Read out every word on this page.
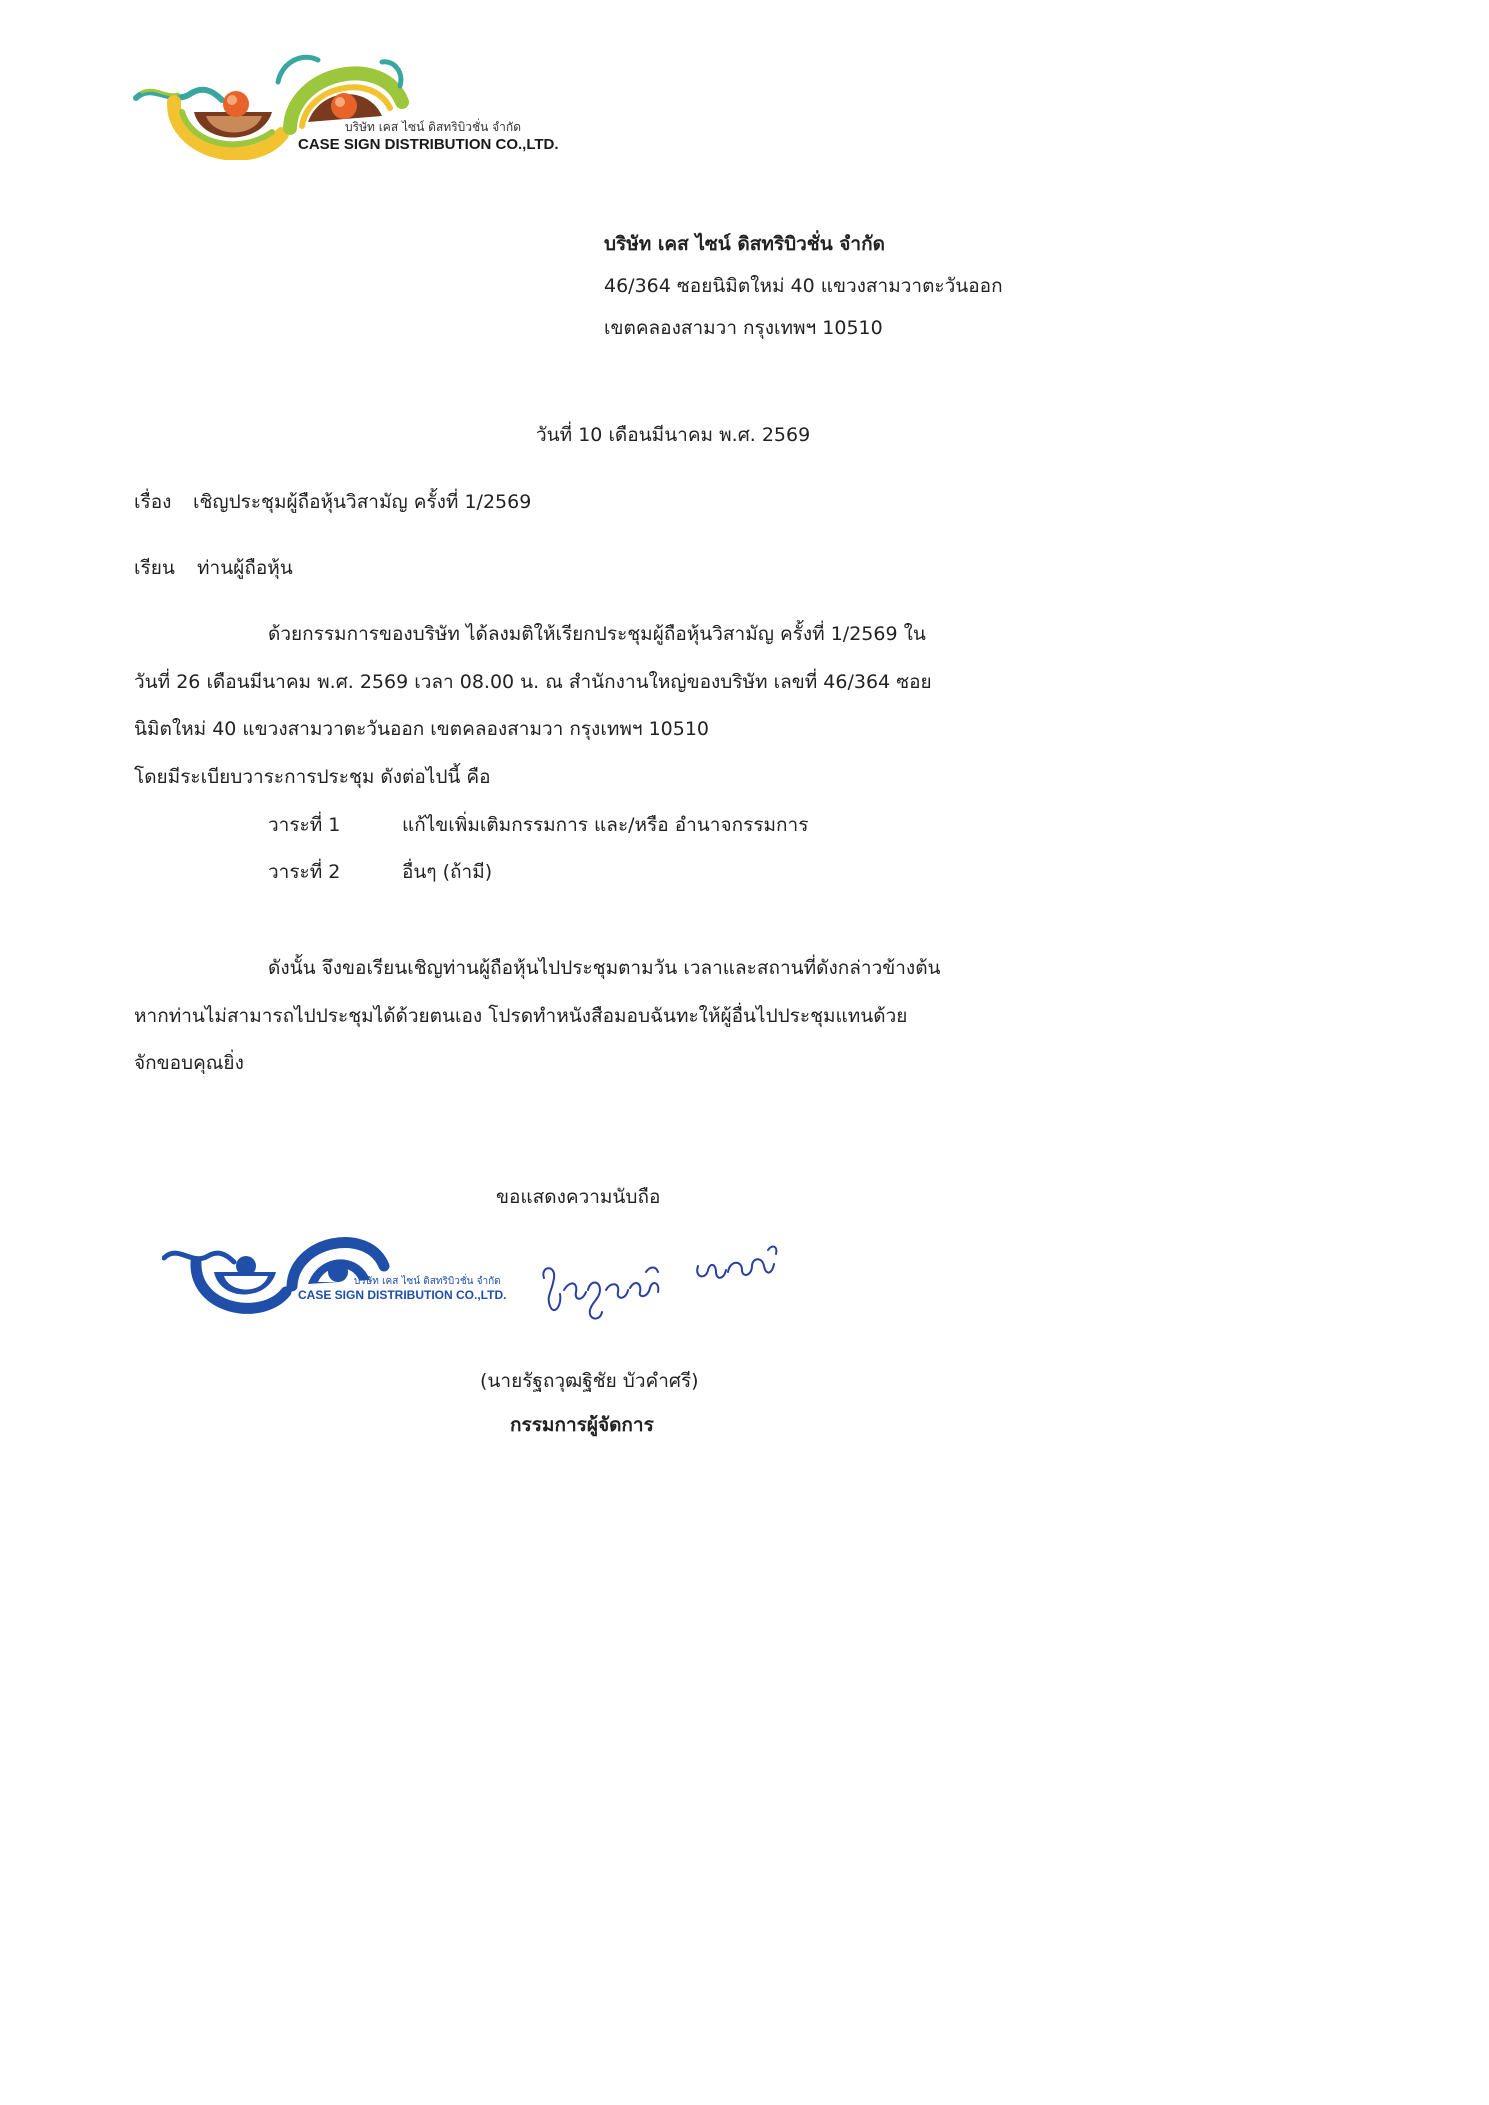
บริษัท เคส ไซน์ ดิสทริบิวชั่น จำกัด
CASE SIGN DISTRIBUTION CO.,LTD.
บริษัท เคส ไซน์ ดิสทริบิวชั่น จำกัด
46/364 ซอยนิมิตใหม่ 40 แขวงสามวาตะวันออก
เขตคลองสามวา กรุงเทพฯ 10510
วันที่ 10 เดือนมีนาคม พ.ศ. 2569
เรื่อง เชิญประชุมผู้ถือหุ้นวิสามัญ ครั้งที่ 1/2569
เรียน ท่านผู้ถือหุ้น
ด้วยกรรมการของบริษัท ได้ลงมติให้เรียกประชุมผู้ถือหุ้นวิสามัญ ครั้งที่ 1/2569 ใน
วันที่ 26 เดือนมีนาคม พ.ศ. 2569 เวลา 08.00 น. ณ สำนักงานใหญ่ของบริษัท เลขที่ 46/364 ซอย
นิมิตใหม่ 40 แขวงสามวาตะวันออก เขตคลองสามวา กรุงเทพฯ 10510
โดยมีระเบียบวาระการประชุม ดังต่อไปนี้ คือ
วาระที่ 1	แก้ไขเพิ่มเติมกรรมการ และ/หรือ อำนาจกรรมการ
วาระที่ 2	อื่นๆ (ถ้ามี)
ดังนั้น จึงขอเรียนเชิญท่านผู้ถือหุ้นไปประชุมตามวัน เวลาและสถานที่ดังกล่าวข้างต้น
หากท่านไม่สามารถไปประชุมได้ด้วยตนเอง โปรดทำหนังสือมอบฉันทะให้ผู้อื่นไปประชุมแทนด้วย
จักขอบคุณยิ่ง
ขอแสดงความนับถือ
บริษัท เคส ไซน์ ดิสทริบิวชั่น จำกัด
CASE SIGN DISTRIBUTION CO.,LTD.
(นายรัฐถวุฒฐิชัย บัวคำศรี)
กรรมการผู้จัดการ
